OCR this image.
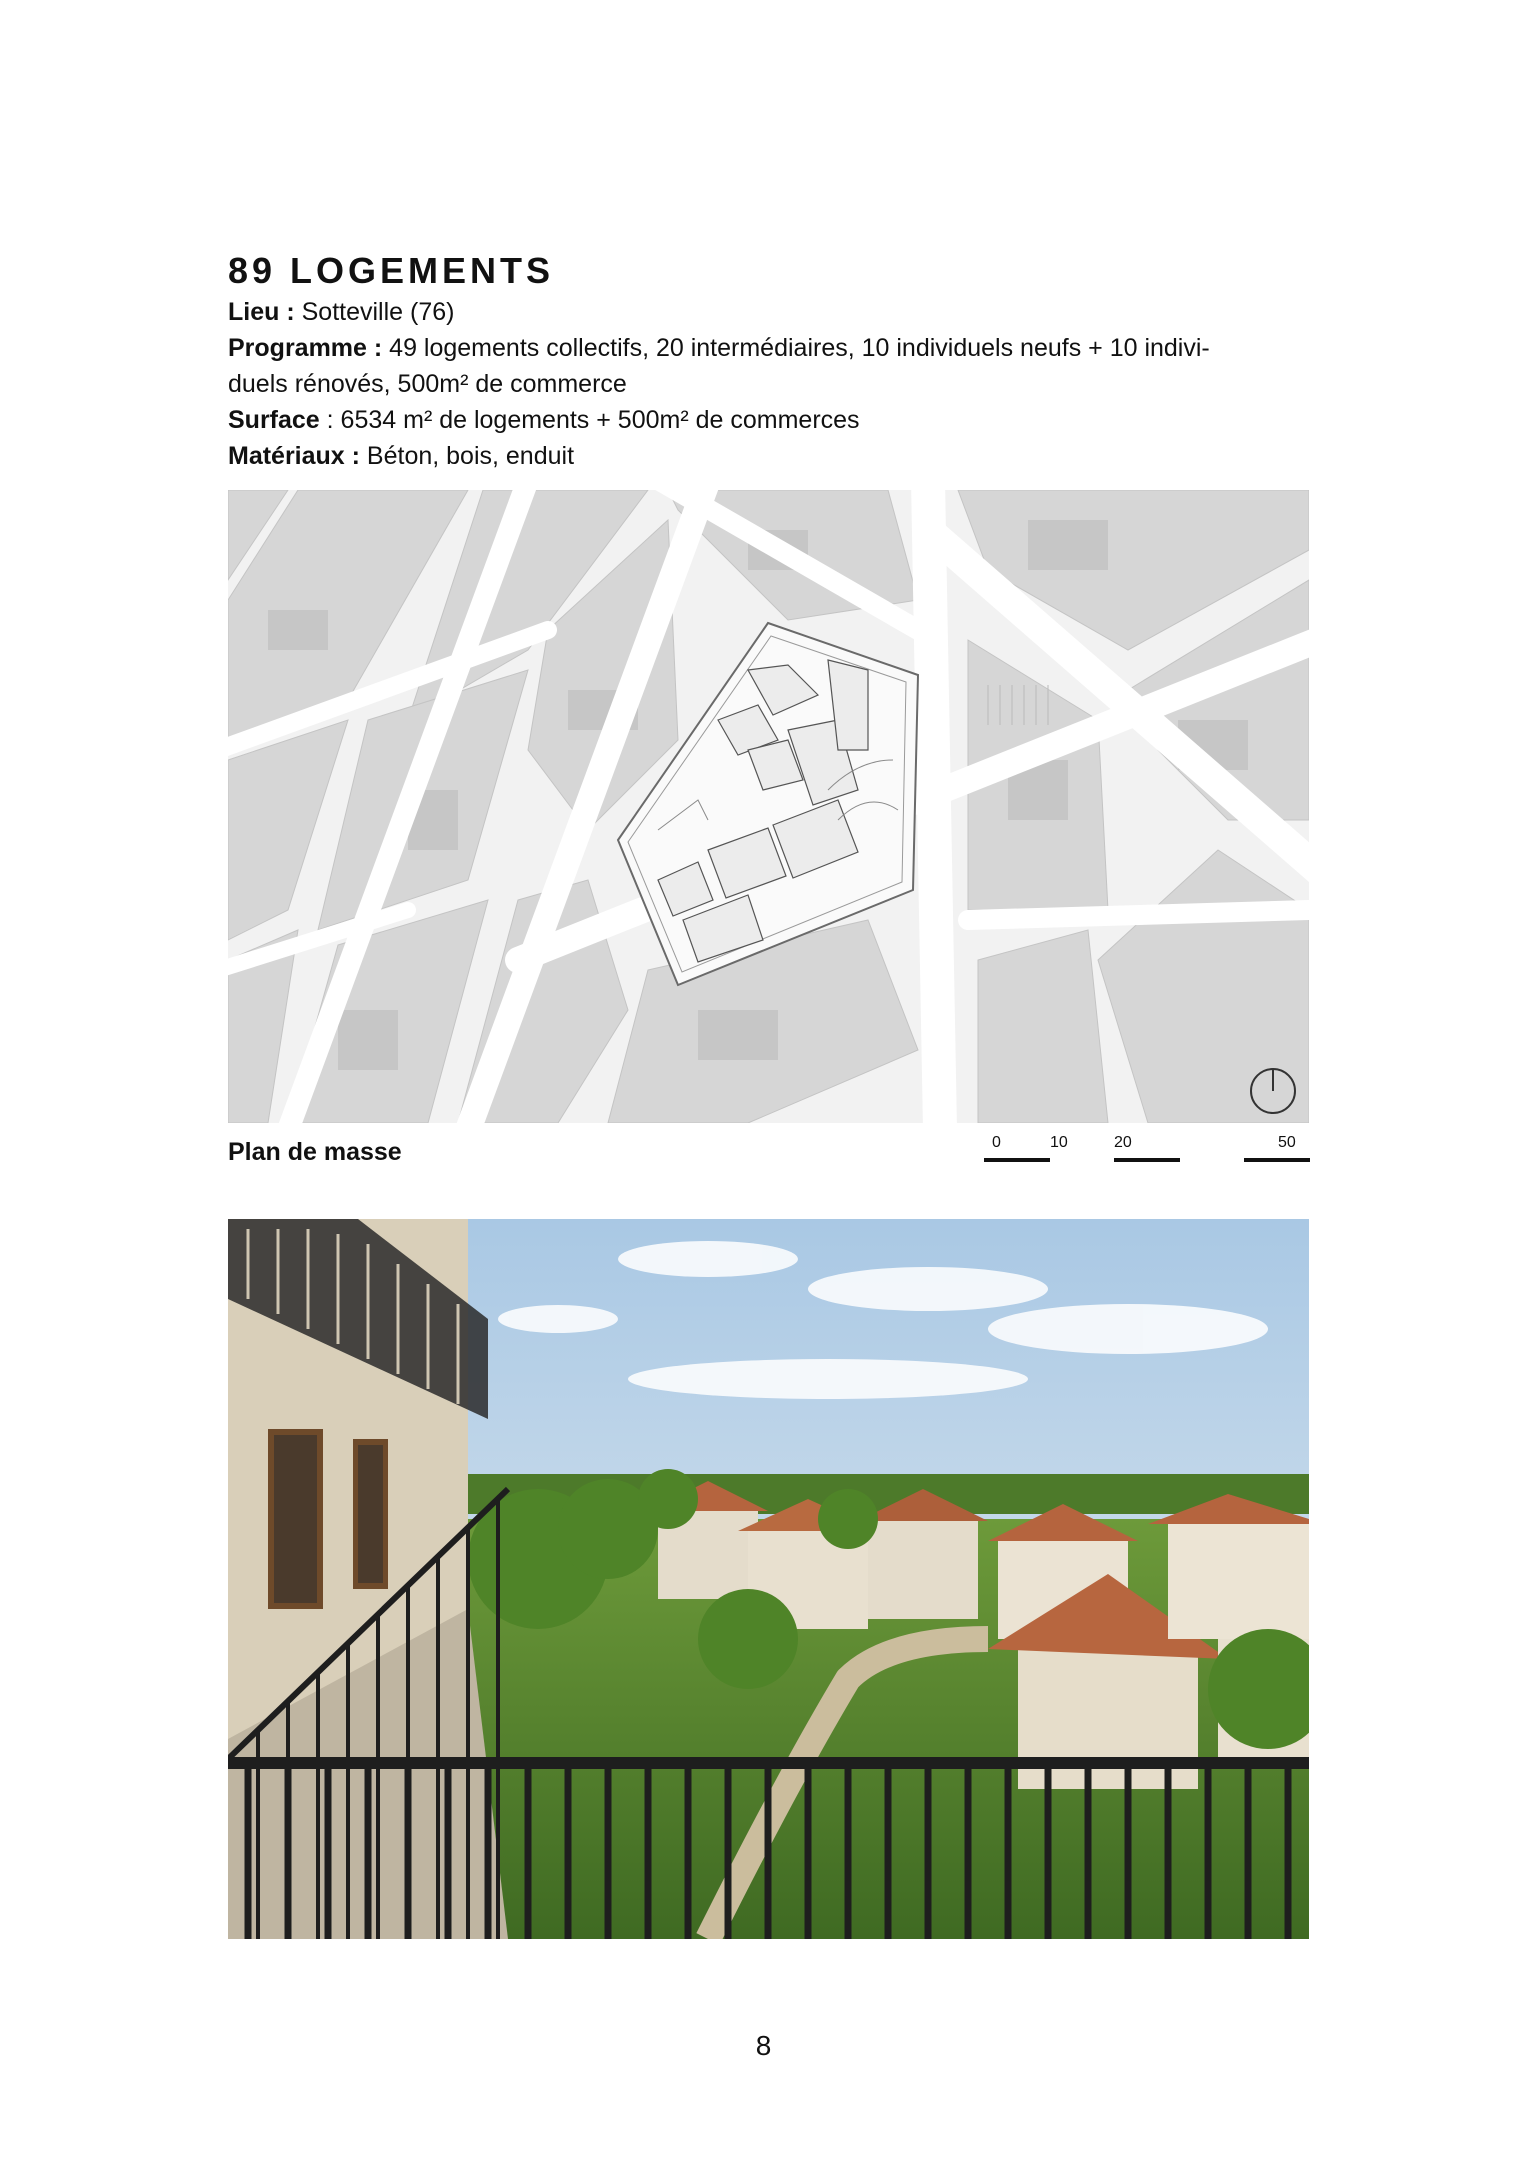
89 LOGEMENTS

Lieu : Sotteville (76)

Programme : 49 logements collectifs, 20 intermédiaires, 10 individuels neufs + 10 indivi-

duels rénovés, 500m² de commerce

Surface : 6534 m² de logements + 500m² de commerces

Matériaux : Béton, bois, enduit

Plan de masse	0	10	20	50
8
